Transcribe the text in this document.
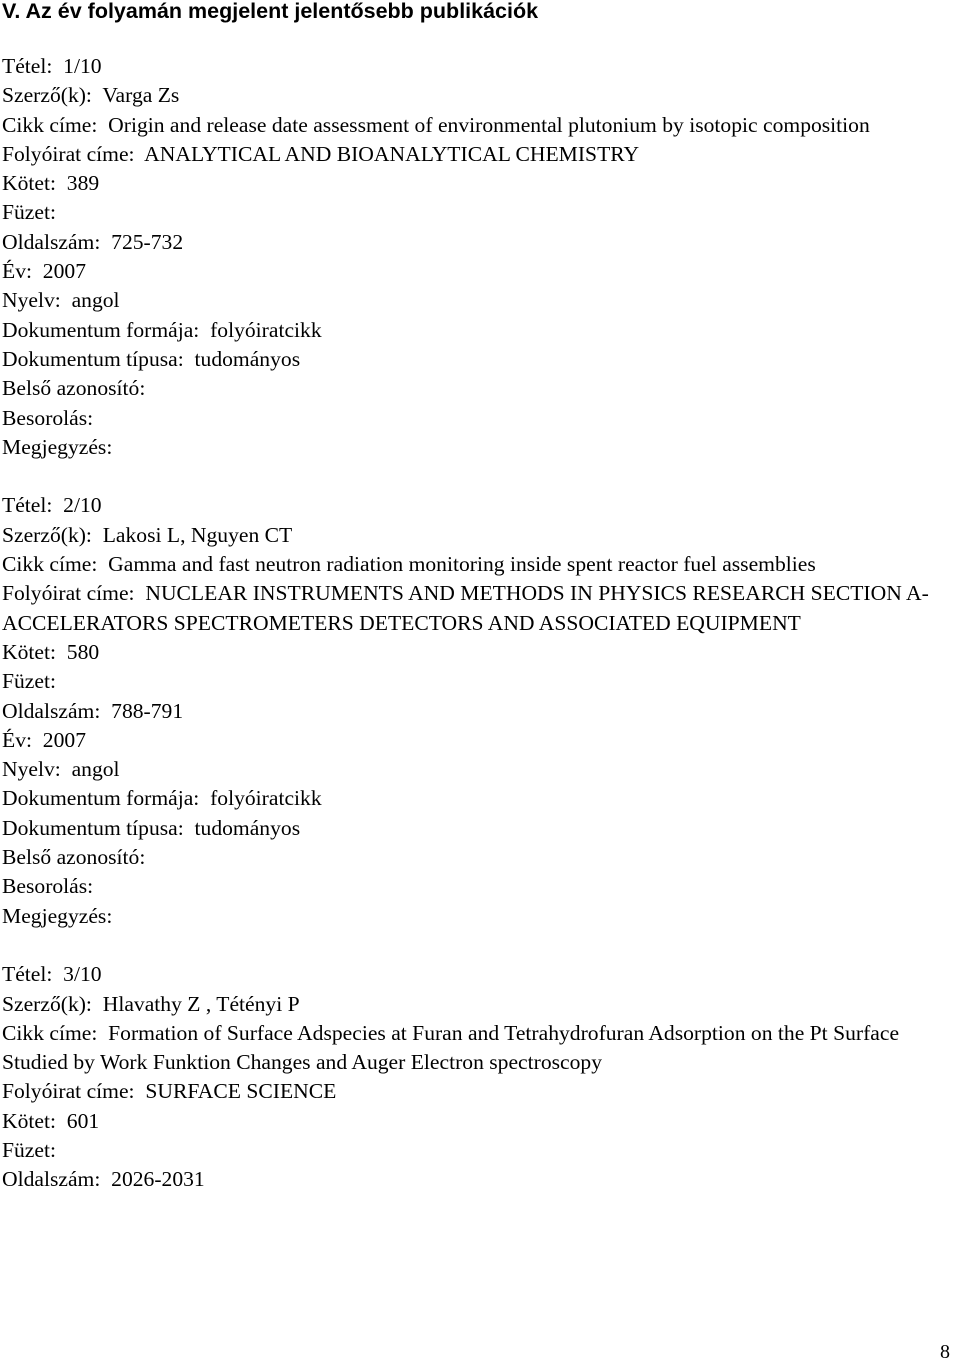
V. Az év folyamán megjelent jelentősebb publikációk
Tétel: 1/10
Szerző(k): Varga Zs
Cikk címe: Origin and release date assessment of environmental plutonium by isotopic composition
Folyóirat címe: ANALYTICAL AND BIOANALYTICAL CHEMISTRY
Kötet: 389
Füzet:
Oldalszám: 725-732
Év: 2007
Nyelv: angol
Dokumentum formája: folyóiratcikk
Dokumentum típusa: tudományos
Belső azonosító:
Besorolás:
Megjegyzés:
Tétel: 2/10
Szerző(k): Lakosi L, Nguyen CT
Cikk címe: Gamma and fast neutron radiation monitoring inside spent reactor fuel assemblies
Folyóirat címe: NUCLEAR INSTRUMENTS AND METHODS IN PHYSICS RESEARCH SECTION A-ACCELERATORS SPECTROMETERS DETECTORS AND ASSOCIATED EQUIPMENT
Kötet: 580
Füzet:
Oldalszám: 788-791
Év: 2007
Nyelv: angol
Dokumentum formája: folyóiratcikk
Dokumentum típusa: tudományos
Belső azonosító:
Besorolás:
Megjegyzés:
Tétel: 3/10
Szerző(k): Hlavathy Z , Tétényi P
Cikk címe: Formation of Surface Adspecies at Furan and Tetrahydrofuran Adsorption on the Pt Surface Studied by Work Funktion Changes and Auger Electron spectroscopy
Folyóirat címe: SURFACE SCIENCE
Kötet: 601
Füzet:
Oldalszám: 2026-2031
8
